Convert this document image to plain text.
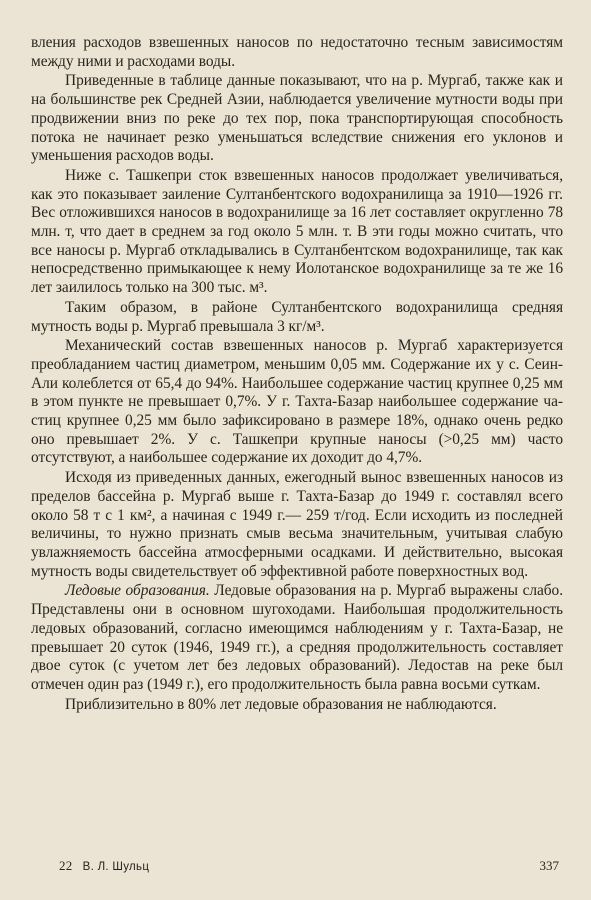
вления расходов взвешенных наносов по недостаточно тесным зависимостям между ними и расходами воды.

Приведенные в таблице данные показывают, что на р. Мургаб, также как и на большинстве рек Средней Азии, наблюдается увеличение мутности воды при продвижении вниз по реке до тех пор, пока транспортирующая способность потока не начинает резко уменьшаться вследствие снижения его уклонов и уменьшения расходов воды.

Ниже с. Ташкепри сток взвешенных наносов продолжает увеличиваться, как это показывает заиление Султанбентского водохранилища за 1910—1926 гг. Вес отложившихся наносов в водохранилище за 16 лет составляет округленно 78 млн. т, что дает в среднем за год около 5 млн. т. В эти годы можно считать, что все наносы р. Мургаб откладывались в Султанбентском водохранилище, так как непосредственно примыкающее к нему Иолотанское водохранилище за те же 16 лет заилилось только на 300 тыс. м³.

Таким образом, в районе Султанбентского водохранилища средняя мутность воды р. Мургаб превышала 3 кг/м³.

Механический состав взвешенных наносов р. Мургаб характеризуется преобладанием частиц диаметром, меньшим 0,05 мм. Содержание их у с. Сеин-Али колеблется от 65,4 до 94%. Наибольшее содержание частиц крупнее 0,25 мм в этом пункте не превышает 0,7%. У г. Тахта-Базар наибольшее содержание частиц крупнее 0,25 мм было зафиксировано в размере 18%, однако очень редко оно превышает 2%. У с. Ташкепри крупные наносы (>0,25 мм) часто отсутствуют, а наибольшее содержание их доходит до 4,7%.

Исходя из приведенных данных, ежегодный вынос взвешенных наносов из пределов бассейна р. Мургаб выше г. Тахта-Базар до 1949 г. составлял всего около 58 т с 1 км², а начиная с 1949 г.— 259 т/год. Если исходить из последней величины, то нужно признать смыв весьма значительным, учитывая слабую увлажняемость бассейна атмосферными осадками. И действительно, высокая мутность воды свидетельствует об эффективной работе поверхностных вод.

Ледовые образования. Ледовые образования на р. Мургаб выражены слабо. Представлены они в основном шугоходами. Наибольшая продолжительность ледовых образований, согласно имеющимся наблюдениям у г. Тахта-Базар, не превышает 20 суток (1946, 1949 гг.), а средняя продолжительность составляет двое суток (с учетом лет без ледовых образований). Ледостав на реке был отмечен один раз (1949 г.), его продолжительность была равна восьми суткам.

Приблизительно в 80% лет ледовые образования не наблюдаются.

22 В. Л. Шульц	337
